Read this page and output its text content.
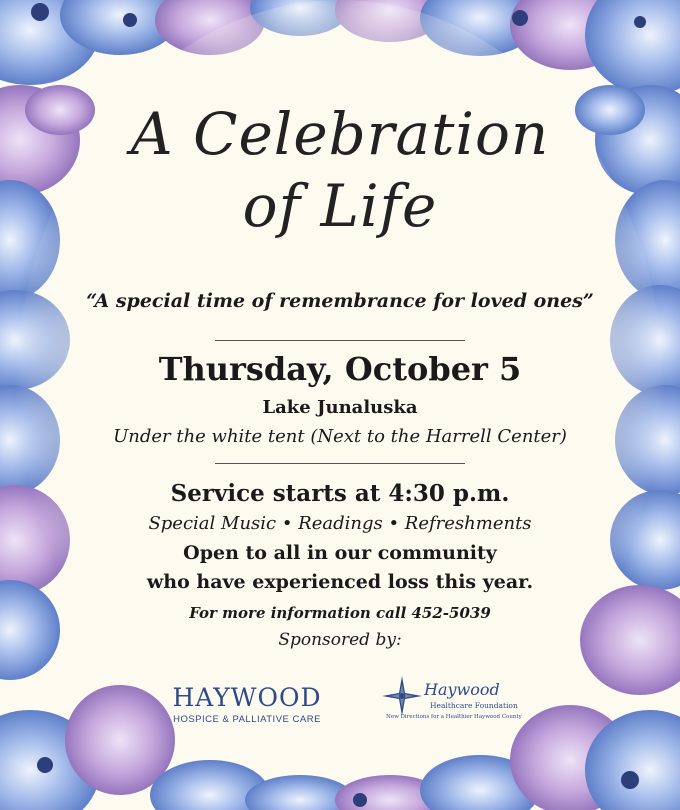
A Celebration
of Life
“A special time of remembrance for loved ones”
Thursday, October 5
Lake Junaluska
Under the white tent (Next to the Harrell Center)
Service starts at 4:30 p.m.
Special Music • Readings • Refreshments
Open to all in our community
who have experienced loss this year.
For more information call 452-5039
Sponsored by:
HAYWOOD
HOSPICE & PALLIATIVE CARE
Haywood
Healthcare Foundation
New Directions for a Healthier Haywood County
